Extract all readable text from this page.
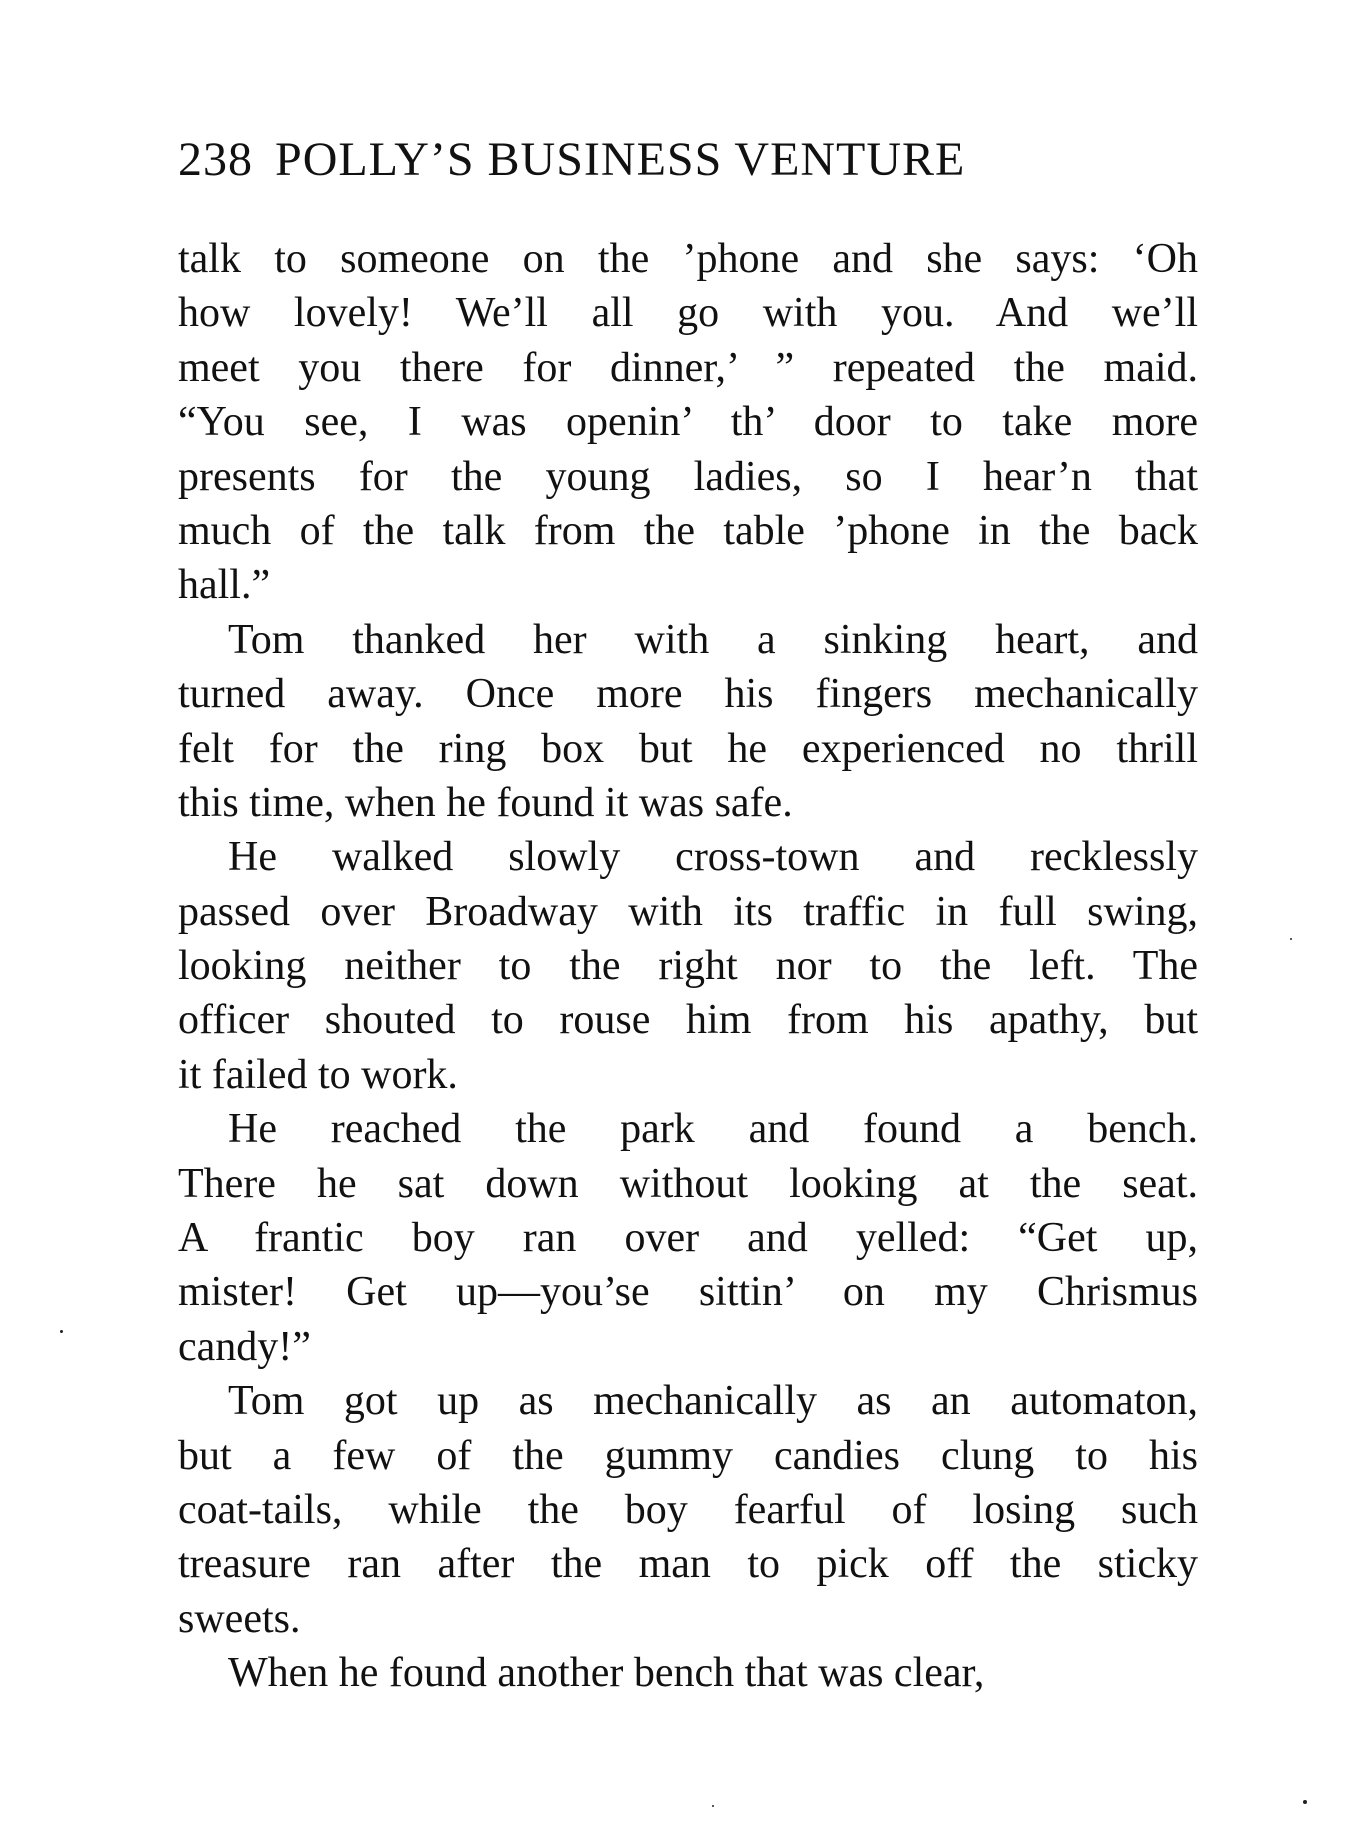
238 POLLY’S BUSINESS VENTURE
talk to someone on the ’phone and she says: ‘Oh
how lovely! We’ll all go with you. And we’ll
meet you there for dinner,’ ” repeated the maid.
“You see, I was openin’ th’ door to take more
presents for the young ladies, so I hear’n that
much of the talk from the table ’phone in the back
hall.”
Tom thanked her with a sinking heart, and
turned away. Once more his fingers mechanically
felt for the ring box but he experienced no thrill
this time, when he found it was safe.
He walked slowly cross-town and recklessly
passed over Broadway with its traffic in full swing,
looking neither to the right nor to the left. The
officer shouted to rouse him from his apathy, but
it failed to work.
He reached the park and found a bench.
There he sat down without looking at the seat.
A frantic boy ran over and yelled: “Get up,
mister! Get up—you’se sittin’ on my Chrismus
candy!”
Tom got up as mechanically as an automaton,
but a few of the gummy candies clung to his
coat-tails, while the boy fearful of losing such
treasure ran after the man to pick off the sticky
sweets.
When he found another bench that was clear,
